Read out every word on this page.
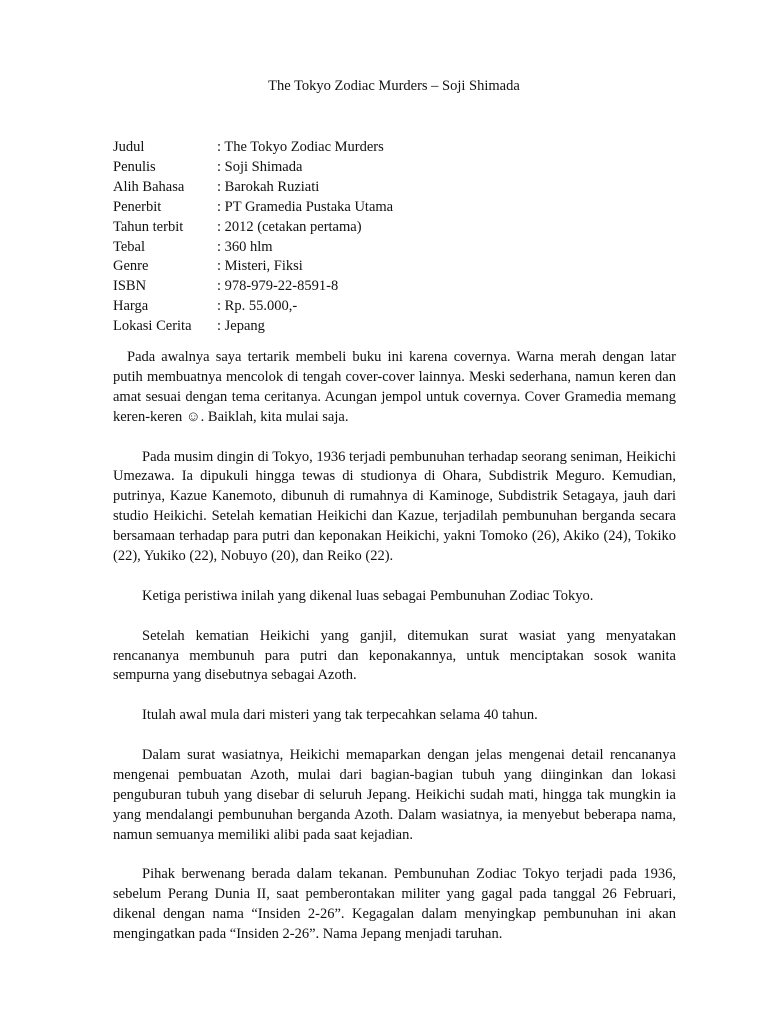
The Tokyo Zodiac Murders – Soji Shimada
Judul	: The Tokyo Zodiac Murders
Penulis	: Soji Shimada
Alih Bahasa	: Barokah Ruziati
Penerbit	: PT Gramedia Pustaka Utama
Tahun terbit	: 2012 (cetakan pertama)
Tebal	: 360 hlm
Genre	: Misteri, Fiksi
ISBN	: 978-979-22-8591-8
Harga	: Rp. 55.000,-
Lokasi Cerita	: Jepang

Pada awalnya saya tertarik membeli buku ini karena covernya. Warna merah dengan latar putih membuatnya mencolok di tengah cover-cover lainnya. Meski sederhana, namun keren dan amat sesuai dengan tema ceritanya. Acungan jempol untuk covernya. Cover Gramedia memang keren-keren ☺. Baiklah, kita mulai saja.

Pada musim dingin di Tokyo, 1936 terjadi pembunuhan terhadap seorang seniman, Heikichi Umezawa. Ia dipukuli hingga tewas di studionya di Ohara, Subdistrik Meguro. Kemudian, putrinya, Kazue Kanemoto, dibunuh di rumahnya di Kaminoge, Subdistrik Setagaya, jauh dari studio Heikichi. Setelah kematian Heikichi dan Kazue, terjadilah pembunuhan berganda secara bersamaan terhadap para putri dan keponakan Heikichi, yakni Tomoko (26), Akiko (24), Tokiko (22), Yukiko (22), Nobuyo (20), dan Reiko (22).

Ketiga peristiwa inilah yang dikenal luas sebagai Pembunuhan Zodiac Tokyo.

Setelah kematian Heikichi yang ganjil, ditemukan surat wasiat yang menyatakan rencananya membunuh para putri dan keponakannya, untuk menciptakan sosok wanita sempurna yang disebutnya sebagai Azoth.

Itulah awal mula dari misteri yang tak terpecahkan selama 40 tahun.

Dalam surat wasiatnya, Heikichi memaparkan dengan jelas mengenai detail rencananya mengenai pembuatan Azoth, mulai dari bagian-bagian tubuh yang diinginkan dan lokasi penguburan tubuh yang disebar di seluruh Jepang. Heikichi sudah mati, hingga tak mungkin ia yang mendalangi pembunuhan berganda Azoth. Dalam wasiatnya, ia menyebut beberapa nama, namun semuanya memiliki alibi pada saat kejadian.

Pihak berwenang berada dalam tekanan. Pembunuhan Zodiac Tokyo terjadi pada 1936, sebelum Perang Dunia II, saat pemberontakan militer yang gagal pada tanggal 26 Februari, dikenal dengan nama “Insiden 2-26”. Kegagalan dalam menyingkap pembunuhan ini akan mengingatkan pada “Insiden 2-26”. Nama Jepang menjadi taruhan.
